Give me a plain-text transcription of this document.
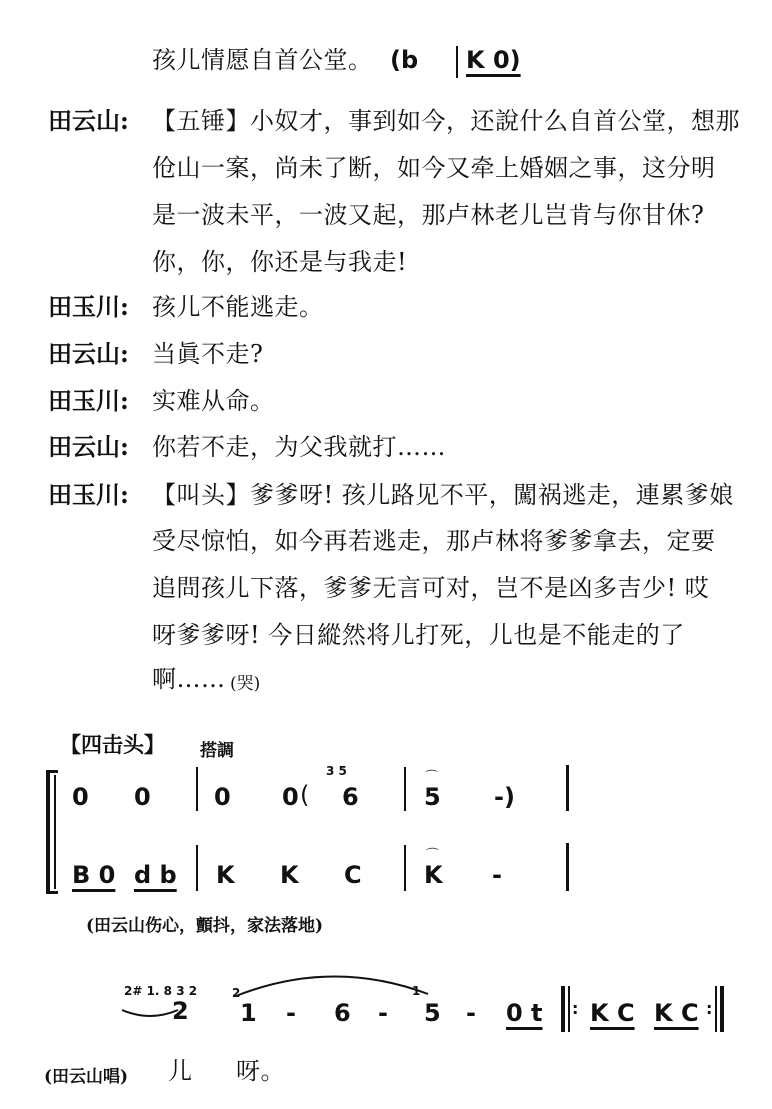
孩儿情愿自首公堂。 (b K 0)
田云山: 【五锤】小奴才，事到如今，还說什么自首公堂，想那
伧山一案，尚未了断，如今又牵上婚姻之事，这分明
是一波未平，一波又起，那卢林老儿岂肯与你甘休?
你，你，你还是与我走!
田玉川: 孩儿不能逃走。
田云山: 当眞不走?
田玉川: 实难从命。
田云山: 你若不走，为父我就打……
田玉川: 【叫头】爹爹呀! 孩儿路见不平，闖祸逃走，連累爹娘
受尽惊怕，如今再若逃走，那卢林将爹爹拿去，定要
追問孩儿下落，爹爹无言可对，岂不是凶多吉少! 哎
呀爹爹呀! 今日縱然将儿打死，儿也是不能走的了
啊…… (哭)
【四击头】 搭調
0 0	0 0 (
3 5
6
⌒
5 -)
B 0 d b K K C
⌒
K -
(田云山伤心，顫抖，家法落地)
2# 1. 8 3 2
2
2
1 - 6 -
1
5 - 0 t : K C K C :
(田云山唱) 儿 呀。
